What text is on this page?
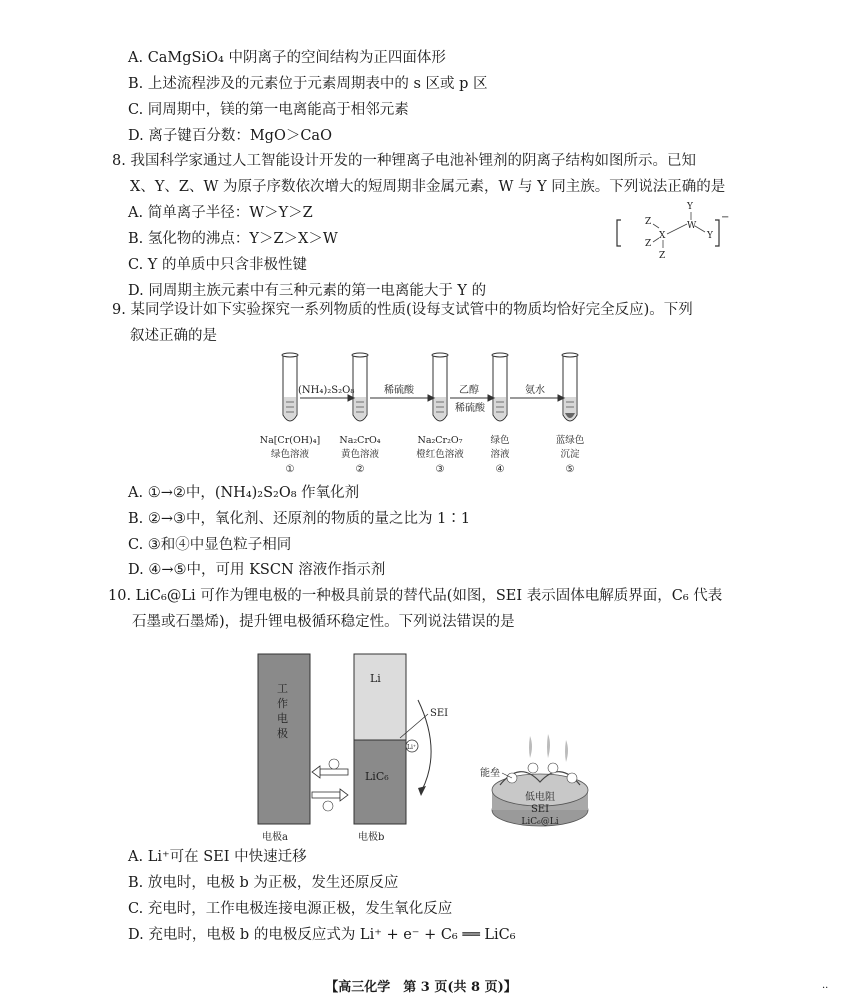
A. CaMgSiO₄ 中阴离子的空间结构为正四面体形
B. 上述流程涉及的元素位于元素周期表中的 s 区或 p 区
C. 同周期中，镁的第一电离能高于相邻元素
D. 离子键百分数：MgO＞CaO
8. 我国科学家通过人工智能设计开发的一种锂离子电池补锂剂的阴离子结构如图所示。已知
X、Y、Z、W 为原子序数依次增大的短周期非金属元素，W 与 Y 同主族。下列说法正确的是
A. 简单离子半径：W＞Y＞Z
B. 氢化物的沸点：Y＞Z＞X＞W
C. Y 的单质中只含非极性键
D. 同周期主族元素中有三种元素的第一电离能大于 Y 的
Y
Z	W
Z
X	Y
Z
−
9. 某同学设计如下实验探究一系列物质的性质(设每支试管中的物质均恰好完全反应)。下列
叙述正确的是
(NH₄)₂S₂O₈	稀硫酸	乙醇
稀硫酸
氨水
Na[Cr(OH)₄]
绿色溶液
①
Na₂CrO₄
黄色溶液
②
Na₂Cr₂O₇
橙红色溶液
③
绿色
溶液
④
蓝绿色
沉淀
⑤
A. ①→②中，(NH₄)₂S₂O₈ 作氧化剂
B. ②→③中，氧化剂、还原剂的物质的量之比为 1∶1
C. ③和④中显色粒子相同
D. ④→⑤中，可用 KSCN 溶液作指示剂
10. LiC₆@Li 可作为锂电极的一种极具前景的替代品(如图，SEI 表示固体电解质界面，C₆ 代表
石墨或石墨烯)，提升锂电极循环稳定性。下列说法错误的是
工 作 电 极
电极a
Li
LiC₆
电极b
SEI
Li⁺
低电阻
SEI
LiC₆@Li
能垒
A. Li⁺可在 SEI 中快速迁移
B. 放电时，电极 b 为正极，发生还原反应
C. 充电时，工作电极连接电源正极，发生氧化反应
D. 充电时，电极 b 的电极反应式为 Li⁺ + e⁻ + C₆ ══ LiC₆
【高三化学　第 3 页(共 8 页)】	··
